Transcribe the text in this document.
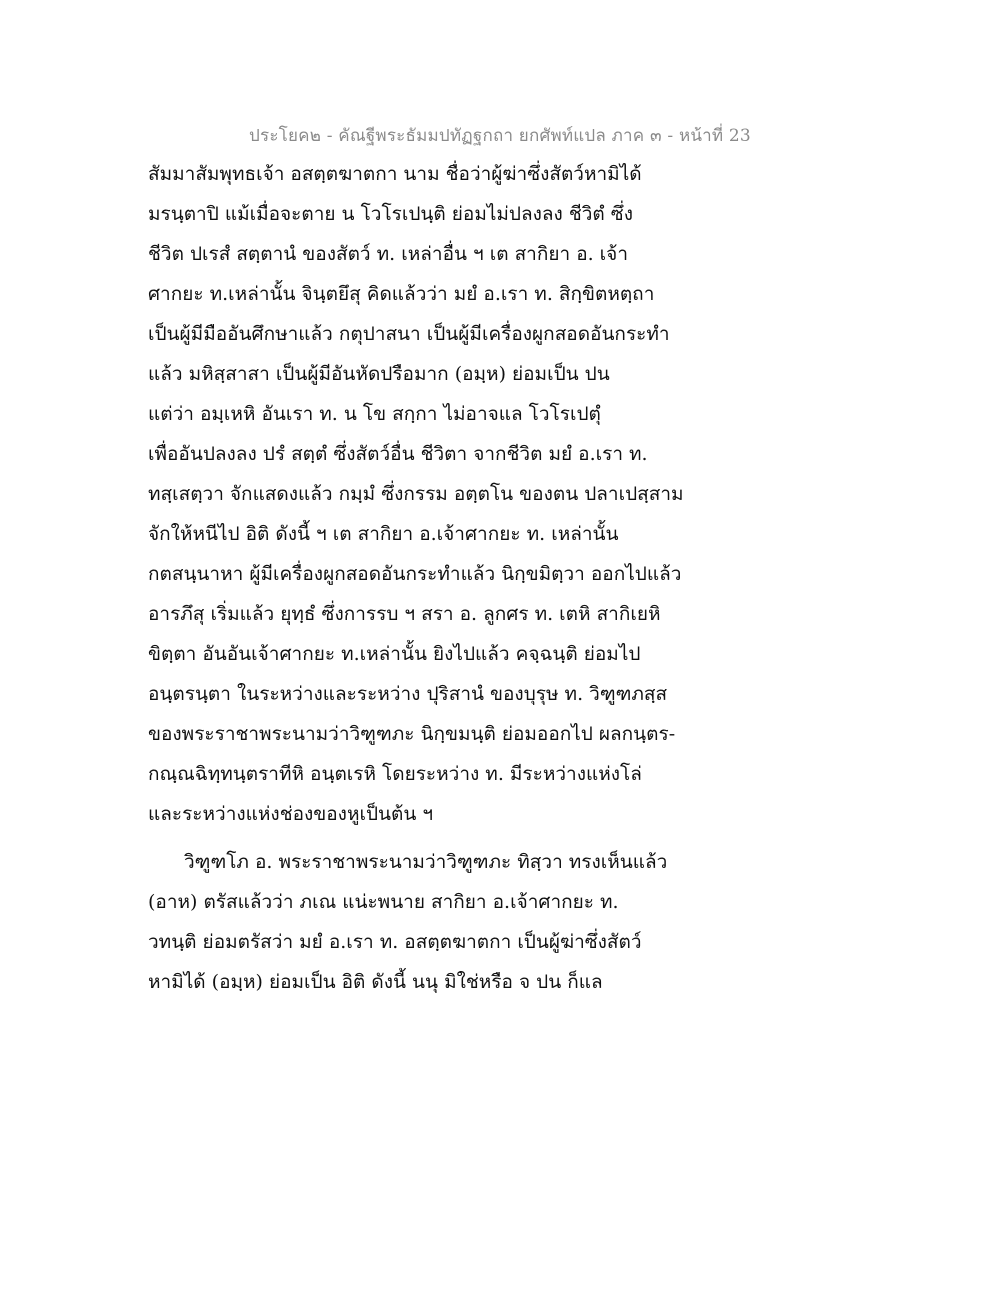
ประโยค๒ - คัณฐีพระธัมมปทัฏฐกถา ยกศัพท์แปล ภาค ๓ - หน้าที่ 23
สัมมาสัมพุทธเจ้า อสตฺตฆาตกา นาม ชื่อว่าผู้ฆ่าซึ่งสัตว์หามิได้
มรนฺตาปิ แม้เมื่อจะตาย น โวโรเปนฺติ ย่อมไม่ปลงลง ชีวิตํ ซึ่ง
ชีวิต ปเรสํ สตฺตานํ ของสัตว์ ท. เหล่าอื่น ฯ เต สากิยา อ. เจ้า
ศากยะ ท.เหล่านั้น จินฺตยึสุ คิดแล้วว่า มยํ อ.เรา ท. สิกฺขิตหตฺถา
เป็นผู้มีมืออันศึกษาแล้ว กตุปาสนา เป็นผู้มีเครื่องผูกสอดอันกระทำ
แล้ว มหิสฺสาสา เป็นผู้มีอันหัดปรือมาก (อมฺห) ย่อมเป็น ปน
แต่ว่า อมฺเหหิ อันเรา ท. น โข สกฺกา ไม่อาจแล โวโรเปตุํ
เพื่ออันปลงลง ปรํ สตฺตํ ซึ่งสัตว์อื่น ชีวิตา จากชีวิต มยํ อ.เรา ท.
ทสฺเสตฺวา จักแสดงแล้ว กมฺมํ ซึ่งกรรม อตฺตโน ของตน ปลาเปสฺสาม
จักให้หนีไป อิติ ดังนี้ ฯ เต สากิยา อ.เจ้าศากยะ ท. เหล่านั้น
กตสนฺนาหา ผู้มีเครื่องผูกสอดอันกระทำแล้ว นิกฺขมิตฺวา ออกไปแล้ว
อารภึสุ เริ่มแล้ว ยุทฺธํ ซึ่งการรบ ฯ สรา อ. ลูกศร ท. เตหิ สากิเยหิ
ขิตฺตา อันอันเจ้าศากยะ ท.เหล่านั้น ยิงไปแล้ว คจฺฉนฺติ ย่อมไป
อนฺตรนฺตา ในระหว่างและระหว่าง ปุริสานํ ของบุรุษ ท. วิฑูฑภสฺส
ของพระราชาพระนามว่าวิฑูฑภะ นิกฺขมนฺติ ย่อมออกไป ผลกนฺตร-
กณฺณฉิทฺทนฺตราทีหิ อนฺตเรหิ โดยระหว่าง ท. มีระหว่างแห่งโล่
และระหว่างแห่งช่องของหูเป็นต้น ฯ
วิฑูฑโภ อ. พระราชาพระนามว่าวิฑูฑภะ ทิสฺวา ทรงเห็นแล้ว
(อาห) ตรัสแล้วว่า ภเณ แน่ะพนาย สากิยา อ.เจ้าศากยะ ท.
วทนฺติ ย่อมตรัสว่า มยํ อ.เรา ท. อสตฺตฆาตกา เป็นผู้ฆ่าซึ่งสัตว์
หามิได้ (อมฺห) ย่อมเป็น อิติ ดังนี้ นนุ มิใช่หรือ จ ปน ก็แล
